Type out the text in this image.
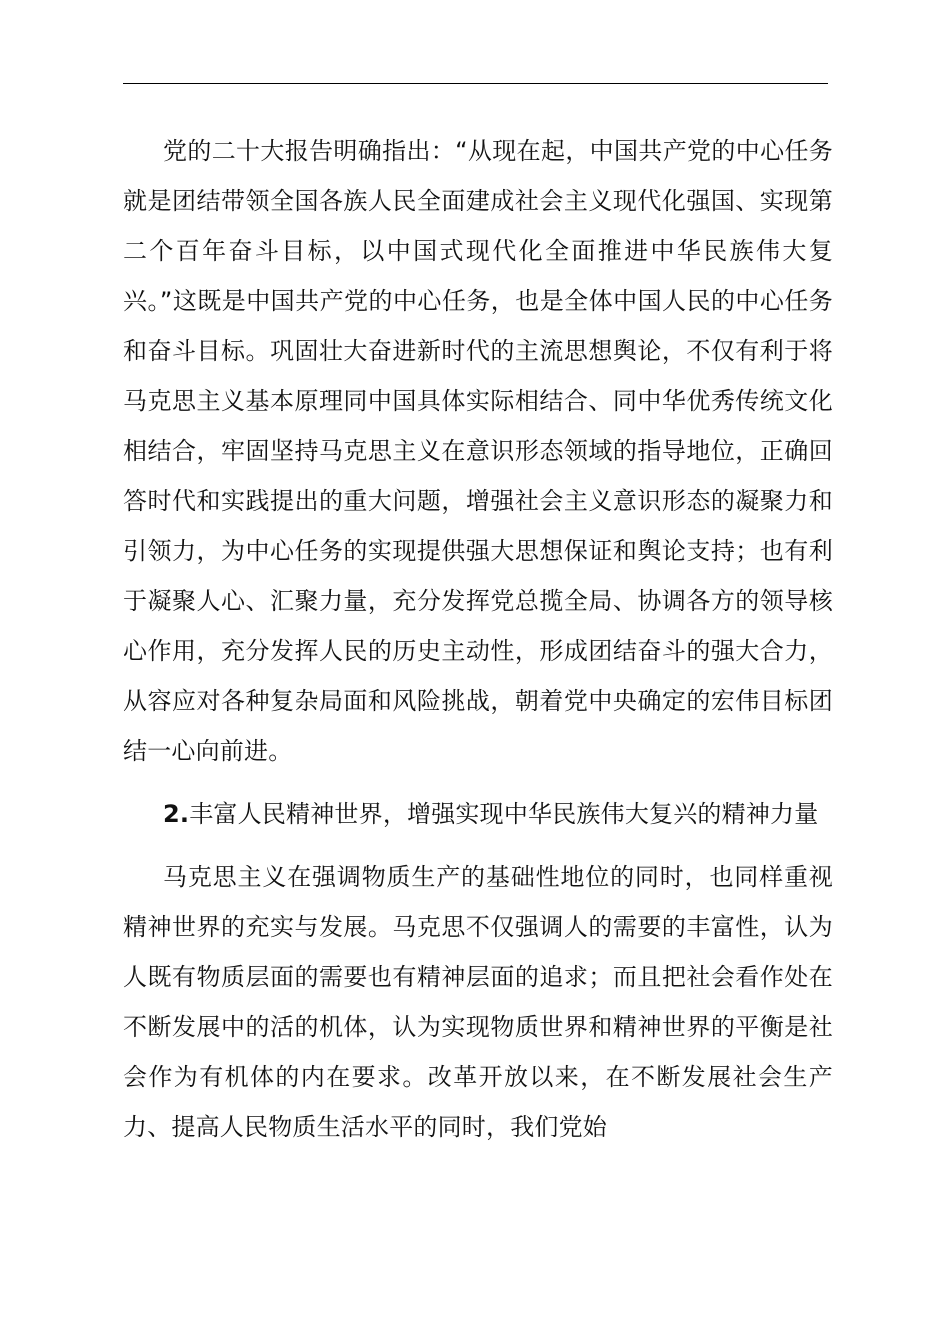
党的二十大报告明确指出：“从现在起，中国共产党的中心任务就是团结带领全国各族人民全面建成社会主义现代化强国、实现第二个百年奋斗目标，以中国式现代化全面推进中华民族伟大复兴。”这既是中国共产党的中心任务，也是全体中国人民的中心任务和奋斗目标。巩固壮大奋进新时代的主流思想舆论，不仅有利于将马克思主义基本原理同中国具体实际相结合、同中华优秀传统文化相结合，牢固坚持马克思主义在意识形态领域的指导地位，正确回答时代和实践提出的重大问题，增强社会主义意识形态的凝聚力和引领力，为中心任务的实现提供强大思想保证和舆论支持；也有利于凝聚人心、汇聚力量，充分发挥党总揽全局、协调各方的领导核心作用，充分发挥人民的历史主动性，形成团结奋斗的强大合力，从容应对各种复杂局面和风险挑战，朝着党中央确定的宏伟目标团结一心向前进。

2.丰富人民精神世界，增强实现中华民族伟大复兴的精神力量

马克思主义在强调物质生产的基础性地位的同时，也同样重视精神世界的充实与发展。马克思不仅强调人的需要的丰富性，认为人既有物质层面的需要也有精神层面的追求；而且把社会看作处在不断发展中的活的机体，认为实现物质世界和精神世界的平衡是社会作为有机体的内在要求。改革开放以来，在不断发展社会生产力、提高人民物质生活水平的同时，我们党始
